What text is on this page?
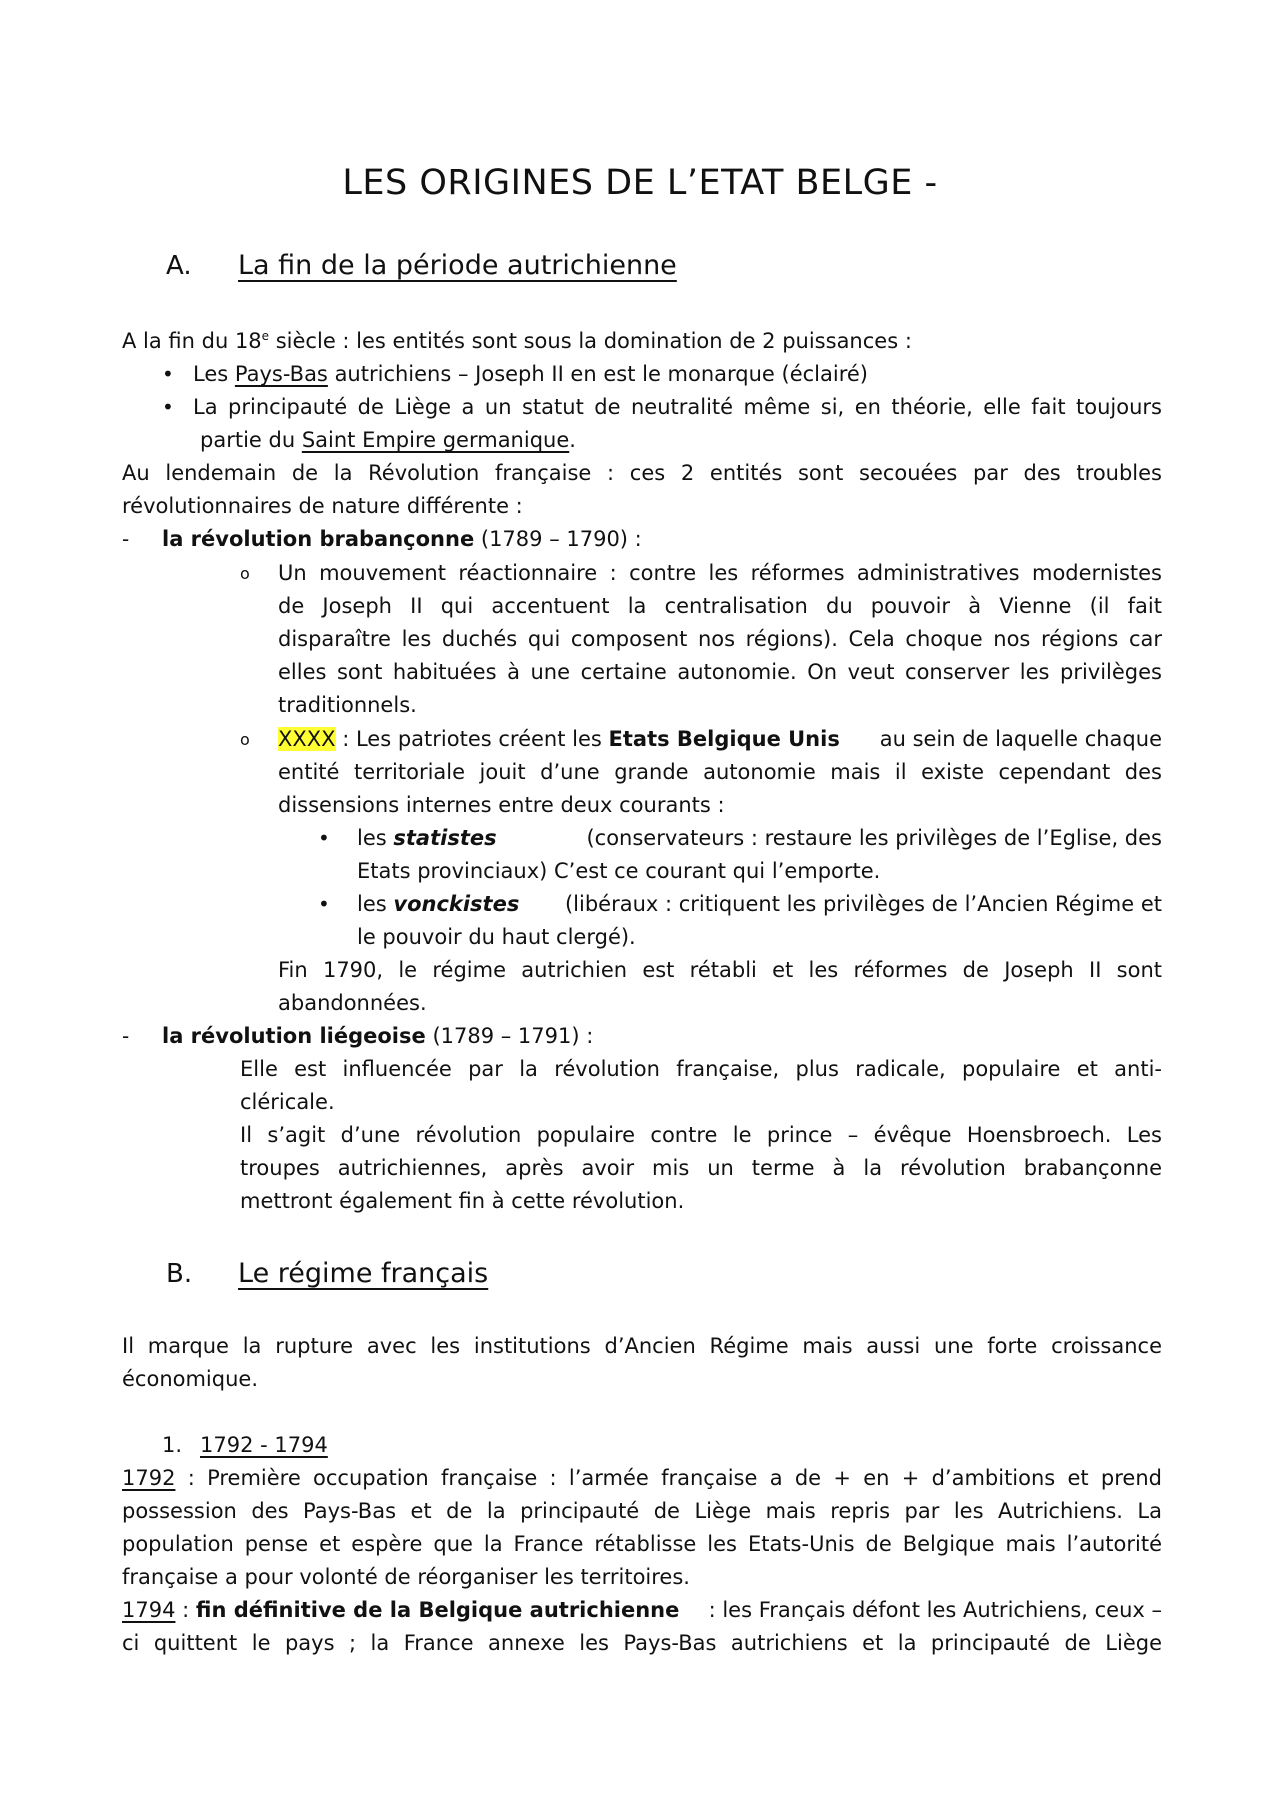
LES ORIGINES DE L’ETAT BELGE -
A. La fin de la période autrichienne
A la fin du 18e siècle : les entités sont sous la domination de 2 puissances :
• Les Pays-Bas autrichiens – Joseph II en est le monarque (éclairé)
• La principauté de Liège a un statut de neutralité même si, en théorie, elle fait toujours
partie du Saint Empire germanique.
Au lendemain de la Révolution française : ces 2 entités sont secouées par des troubles
révolutionnaires de nature différente :
- la révolution brabançonne (1789 – 1790) :
o Un mouvement réactionnaire : contre les réformes administratives modernistes
de Joseph II qui accentuent la centralisation du pouvoir à Vienne (il fait
disparaître les duchés qui composent nos régions). Cela choque nos régions car
elles sont habituées à une certaine autonomie. On veut conserver les privilèges
traditionnels.
o XXXX : Les patriotes créent les Etats Belgique Unis au sein de laquelle chaque
entité territoriale jouit d’une grande autonomie mais il existe cependant des
dissensions internes entre deux courants :
• les statistes	(conservateurs : restaure les privilèges de l’Eglise, des
Etats provinciaux) C’est ce courant qui l’emporte.
• les vonckistes (libéraux : critiquent les privilèges de l’Ancien Régime et
le pouvoir du haut clergé).
Fin 1790, le régime autrichien est rétabli et les réformes de Joseph II sont
abandonnées.
- la révolution liégeoise (1789 – 1791) :
Elle est influencée par la révolution française, plus radicale, populaire et anti-
cléricale.
Il s’agit d’une révolution populaire contre le prince – évêque Hoensbroech. Les
troupes autrichiennes, après avoir mis un terme à la révolution brabançonne
mettront également fin à cette révolution.
B. Le régime français
Il marque la rupture avec les institutions d’Ancien Régime mais aussi une forte croissance
économique.
1. 1792 - 1794
1792 : Première occupation française : l’armée française a de + en + d’ambitions et prend
possession des Pays-Bas et de la principauté de Liège mais repris par les Autrichiens. La
population pense et espère que la France rétablisse les Etats-Unis de Belgique mais l’autorité
française a pour volonté de réorganiser les territoires.
1794 : fin définitive de la Belgique autrichienne : les Français défont les Autrichiens, ceux –
ci quittent le pays ; la France annexe les Pays-Bas autrichiens et la principauté de Liège
